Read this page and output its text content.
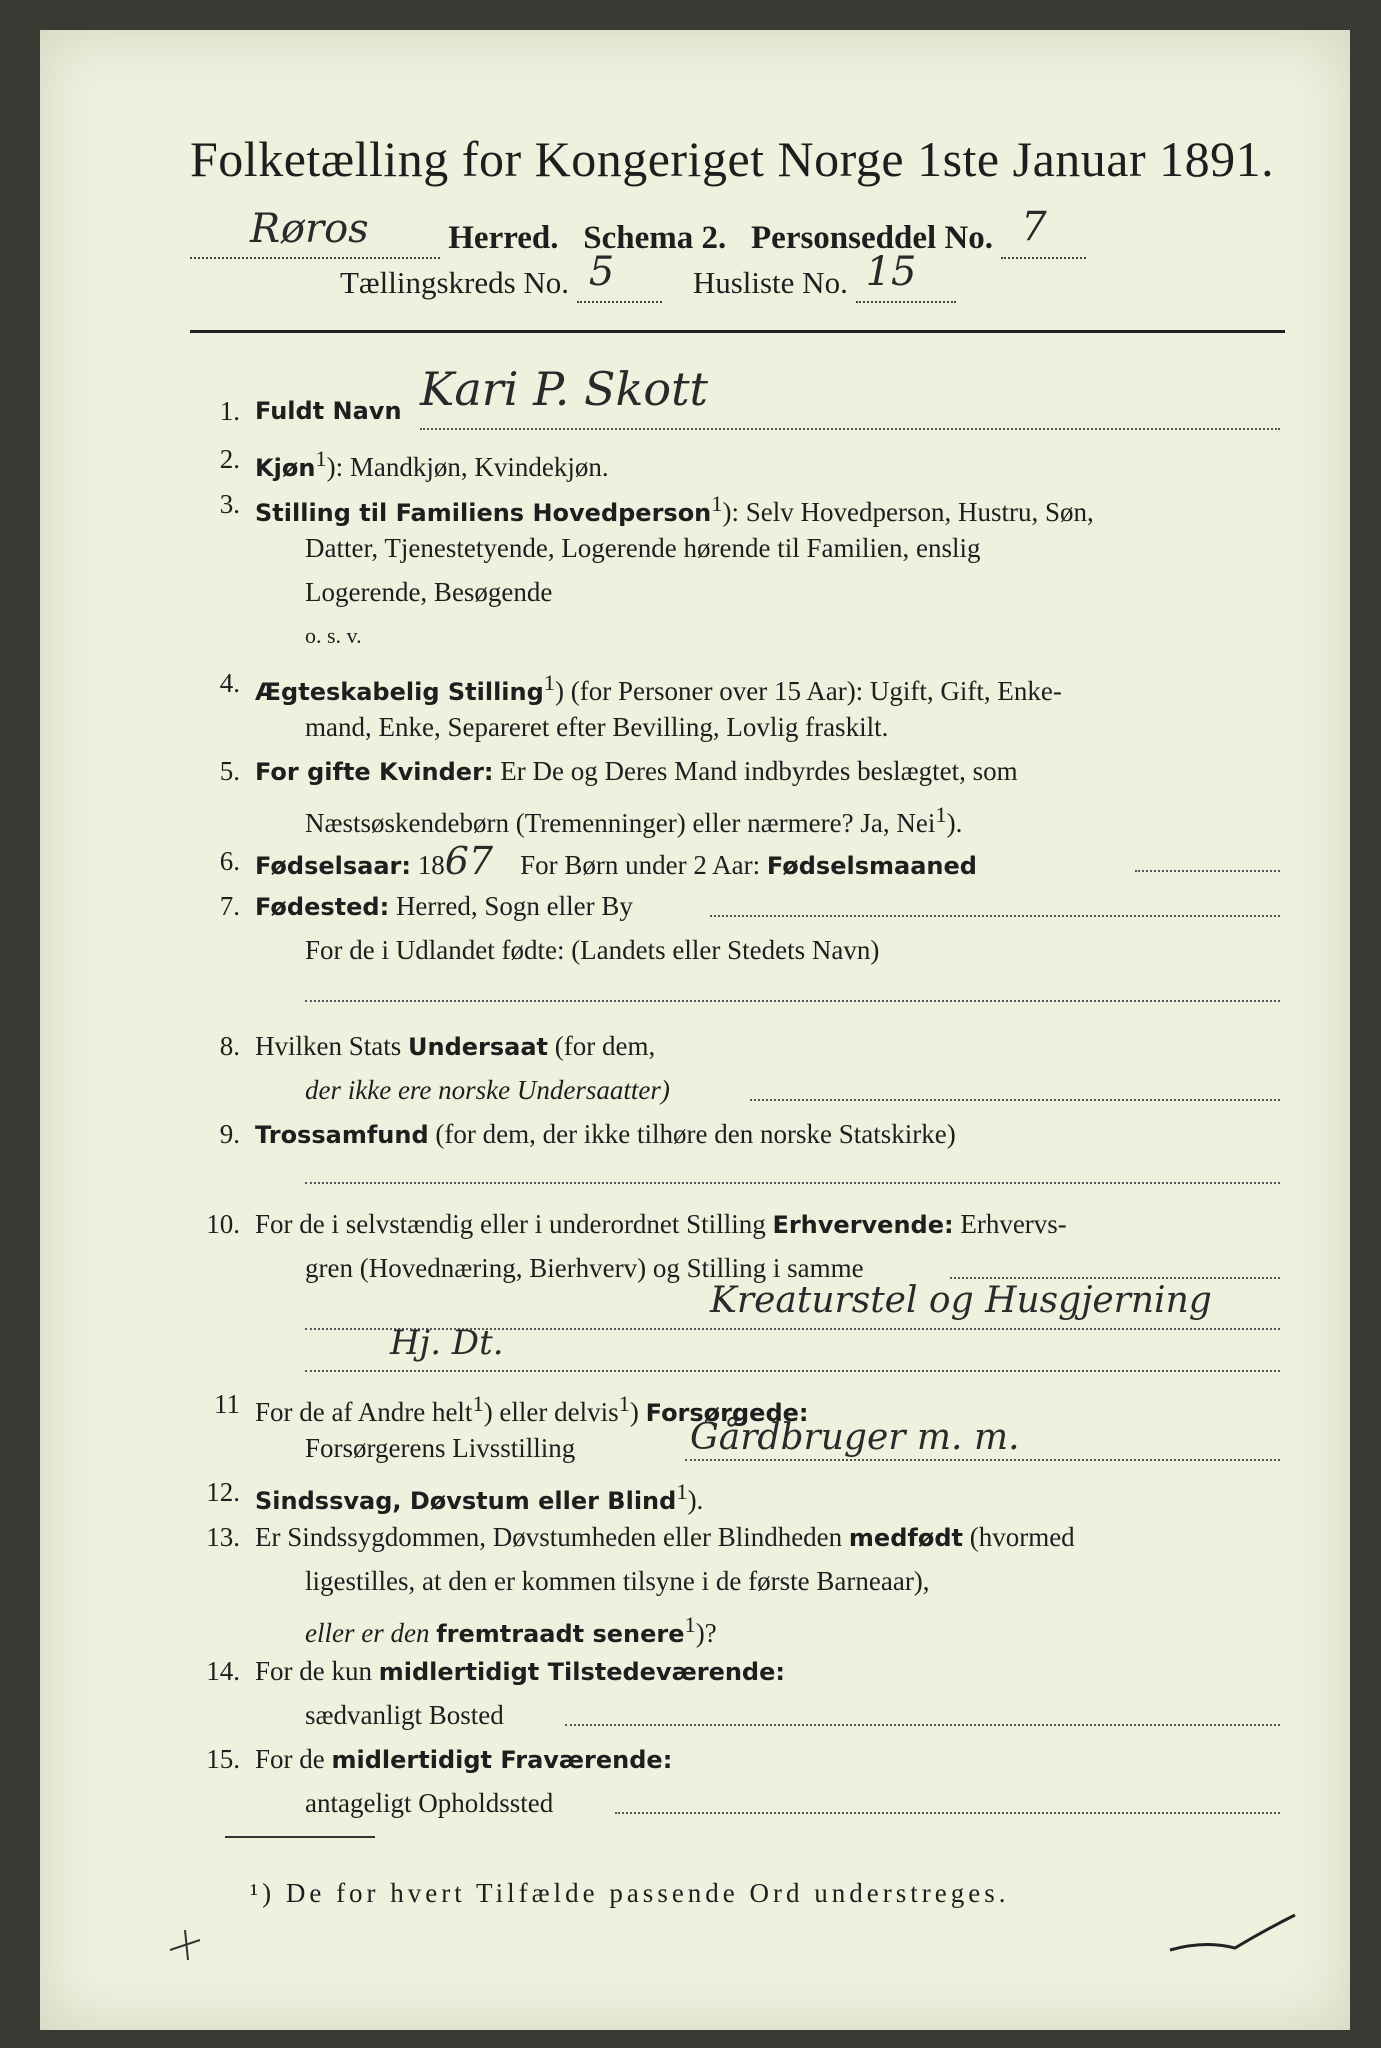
Folketælling for Kongeriget Norge 1ste Januar 1891.
Røros Herred. Schema 2. Personseddel No. 7

Tællingskreds No. 5	Husliste No. 15

1. Fuldt Navn Kari P. Skott
2. Kjøn$^1$): Mandkjøn, Kvindekjøn.
3. Stilling til Familiens Hovedperson$^1$): Selv Hovedperson, Hustru, Søn,
Datter, Tjenestetyende, Logerende hørende til Familien, enslig
Logerende, Besøgende
o. s. v.
4. Ægteskabelig Stilling$^1$) (for Personer over 15 Aar): Ugift, Gift, Enke-
mand, Enke, Separeret efter Bevilling, Lovlig fraskilt.
5. For gifte Kvinder: Er De og Deres Mand indbyrdes beslægtet, som
Næstsøskendebørn (Tremenninger) eller nærmere? Ja, Nei$^1$).
6. Fødselsaar: 1867 For Børn under 2 Aar: Fødselsmaaned
7. Fødested: Herred, Sogn eller By
For de i Udlandet fødte: (Landets eller Stedets Navn)
8. Hvilken Stats Undersaat (for dem,
der ikke ere norske Undersaatter)
9. Trossamfund (for dem, der ikke tilhøre den norske Statskirke)
10. For de i selvstændig eller i underordnet Stilling Erhvervende: Erhvervs-
gren (Hovednæring, Bierhverv) og Stilling i samme
Kreaturstel og Husgjerning
Hj. Dt.
11 For de af Andre helt$^1$) eller delvis$^1$) Forsørgede:
Forsørgerens Livsstilling	Gårdbruger m. m.
12. Sindssvag, Døvstum eller Blind$^1$).
13. Er Sindssygdommen, Døvstumheden eller Blindheden medfødt (hvormed
ligestilles, at den er kommen tilsyne i de første Barneaar),
eller er den fremtraadt senere$^1$)?
14. For de kun midlertidigt Tilstedeværende:
sædvanligt Bosted
15. For de midlertidigt Fraværende:
antageligt Opholdssted
¹) De for hvert Tilfælde passende Ord understreges.
